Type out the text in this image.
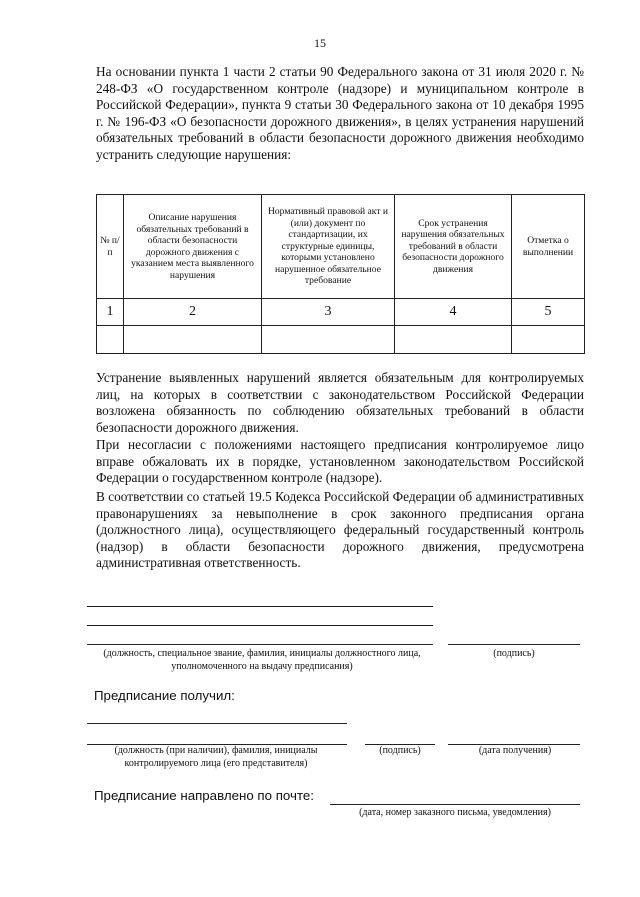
15
На основании пункта 1 части 2 статьи 90 Федерального закона от 31 июля 2020 г. № 248-ФЗ «О государственном контроле (надзоре) и муниципальном контроле в Российской Федерации», пункта 9 статьи 30 Федерального закона от 10 декабря 1995 г. № 196-ФЗ «О безопасности дорожного движения», в целях устранения нарушений обязательных требований в области безопасности дорожного движения необходимо устранить следующие нарушения:
№ п/п	Описание нарушения обязательных требований в области безопасности дорожного движения с указанием места выявленного нарушения	Нормативный правовой акт и (или) документ по стандартизации, их структурные единицы, которыми установлено нарушенное обязательное требование	Срок устранения нарушения обязательных требований в области безопасности дорожного движения	Отметка о выполнении
1	2	3	4	5

Устранение выявленных нарушений является обязательным для контролируемых лиц, на которых в соответствии с законодательством Российской Федерации возложена обязанность по соблюдению обязательных требований в области безопасности дорожного движения.
При несогласии с положениями настоящего предписания контролируемое лицо вправе обжаловать их в порядке, установленном законодательством Российской Федерации о государственном контроле (надзоре).
В соответствии со статьей 19.5 Кодекса Российской Федерации об административных правонарушениях за невыполнение в срок законного предписания органа (должностного лица), осуществляющего федеральный государственный контроль (надзор) в области безопасности дорожного движения, предусмотрена административная ответственность.
(должность, специальное звание, фамилия, инициалы должностного лица, уполномоченного на выдачу предписания)
(подпись)
Предписание получил:
(должность (при наличии), фамилия, инициалы контролируемого лица (его представителя)
(подпись)	(дата получения)
Предписание направлено по почте:
(дата, номер заказного письма, уведомления)
